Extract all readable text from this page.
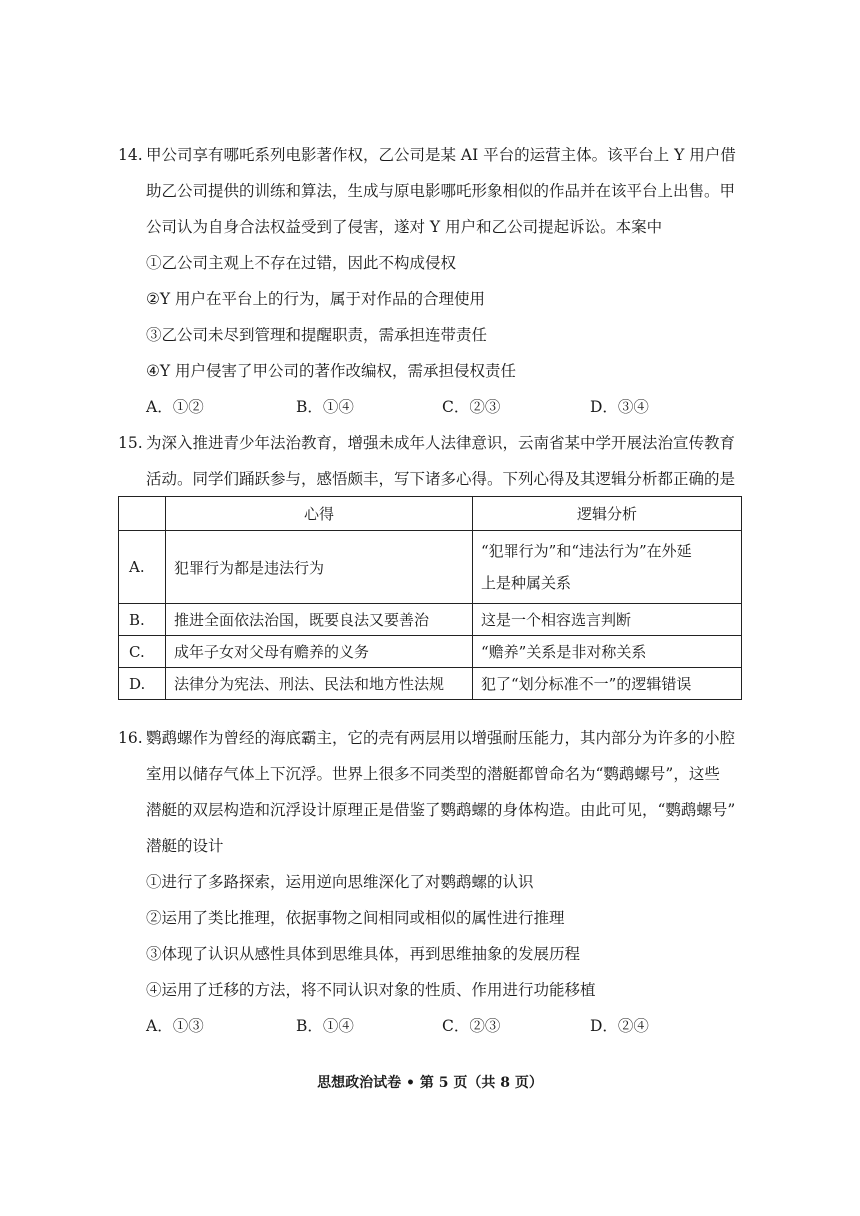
14. 甲公司享有哪吒系列电影著作权，乙公司是某 AI 平台的运营主体。该平台上 Y 用户借
助乙公司提供的训练和算法，生成与原电影哪吒形象相似的作品并在该平台上出售。甲
公司认为自身合法权益受到了侵害，遂对 Y 用户和乙公司提起诉讼。本案中
①乙公司主观上不存在过错，因此不构成侵权
②Y 用户在平台上的行为，属于对作品的合理使用
③乙公司未尽到管理和提醒职责，需承担连带责任
④Y 用户侵害了甲公司的著作改编权，需承担侵权责任
A．①②	B．①④	C．②③	D．③④
15. 为深入推进青少年法治教育，增强未成年人法律意识，云南省某中学开展法治宣传教育
活动。同学们踊跃参与，感悟颇丰，写下诸多心得。下列心得及其逻辑分析都正确的是
	心得	逻辑分析
A.	犯罪行为都是违法行为	“犯罪行为”和“违法行为”在外延
上是种属关系

B.	推进全面依法治国，既要良法又要善治	这是一个相容选言判断
C.	成年子女对父母有赡养的义务	“赡养”关系是非对称关系
D.	法律分为宪法、刑法、民法和地方性法规	犯了“划分标准不一”的逻辑错误
16. 鹦鹉螺作为曾经的海底霸主，它的壳有两层用以增强耐压能力，其内部分为许多的小腔
室用以储存气体上下沉浮。世界上很多不同类型的潜艇都曾命名为“鹦鹉螺号”，这些
潜艇的双层构造和沉浮设计原理正是借鉴了鹦鹉螺的身体构造。由此可见，“鹦鹉螺号”
潜艇的设计
①进行了多路探索，运用逆向思维深化了对鹦鹉螺的认识
②运用了类比推理，依据事物之间相同或相似的属性进行推理
③体现了认识从感性具体到思维具体，再到思维抽象的发展历程
④运用了迁移的方法，将不同认识对象的性质、作用进行功能移植
A．①③	B．①④	C．②③	D．②④
思想政治试卷 • 第 5 页（共 8 页）
